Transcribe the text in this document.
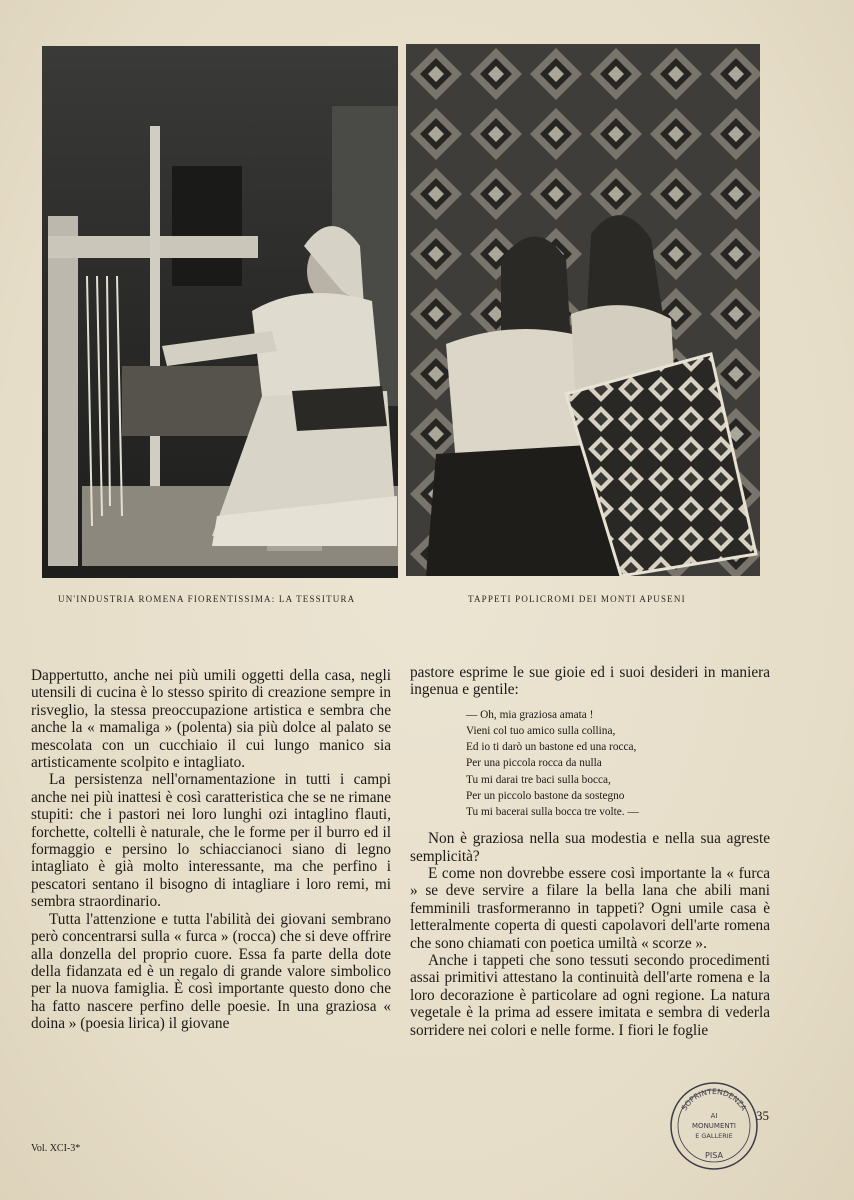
UN'INDUSTRIA ROMENA FIORENTISSIMA: LA TESSITURA	TAPPETI POLICROMI DEI MONTI APUSENI

Dappertutto, anche nei più umili oggetti della casa, negli utensili di cucina è lo stesso spirito di creazione sempre in risveglio, la stessa preoccupazione artistica e sembra che anche la « mamaliga » (polenta) sia più dolce al palato se mescolata con un cucchiaio il cui lungo manico sia artisticamente scolpito e intagliato.

La persistenza nell'ornamentazione in tutti i campi anche nei più inattesi è così caratteristica che se ne rimane stupiti: che i pastori nei loro lunghi ozi intaglino flauti, forchette, coltelli è naturale, che le forme per il burro ed il formaggio e persino lo schiaccianoci siano di legno intagliato è già molto interessante, ma che perfino i pescatori sentano il bisogno di intagliare i loro remi, mi sembra straordinario.

Tutta l'attenzione e tutta l'abilità dei giovani sembrano però concentrarsi sulla « furca » (rocca) che si deve offrire alla donzella del proprio cuore. Essa fa parte della dote della fidanzata ed è un regalo di grande valore simbolico per la nuova famiglia. È così importante questo dono che ha fatto nascere perfino delle poesie. In una graziosa « doina » (poesia lirica) il giovane

pastore esprime le sue gioie ed i suoi desideri in maniera ingenua e gentile:

— Oh, mia graziosa amata !
Vieni col tuo amico sulla collina,
Ed io ti darò un bastone ed una rocca,
Per una piccola rocca da nulla
Tu mi darai tre baci sulla bocca,
Per un piccolo bastone da sostegno
Tu mi bacerai sulla bocca tre volte. —

Non è graziosa nella sua modestia e nella sua agreste semplicità?

E come non dovrebbe essere così importante la « furca » se deve servire a filare la bella lana che abili mani femminili trasformeranno in tappeti? Ogni umile casa è letteralmente coperta di questi capolavori dell'arte romena che sono chiamati con poetica umiltà « scorze ».

Anche i tappeti che sono tessuti secondo procedimenti assai primitivi attestano la continuità dell'arte romena e la loro decorazione è particolare ad ogni regione. La natura vegetale è la prima ad essere imitata e sembra di vederla sorridere nei colori e nelle forme. I fiori le foglie

Vol. XCI-3*
35
SOPRINTENDENZA
AI
MONUMENTI
E GALLERIE
PISA
